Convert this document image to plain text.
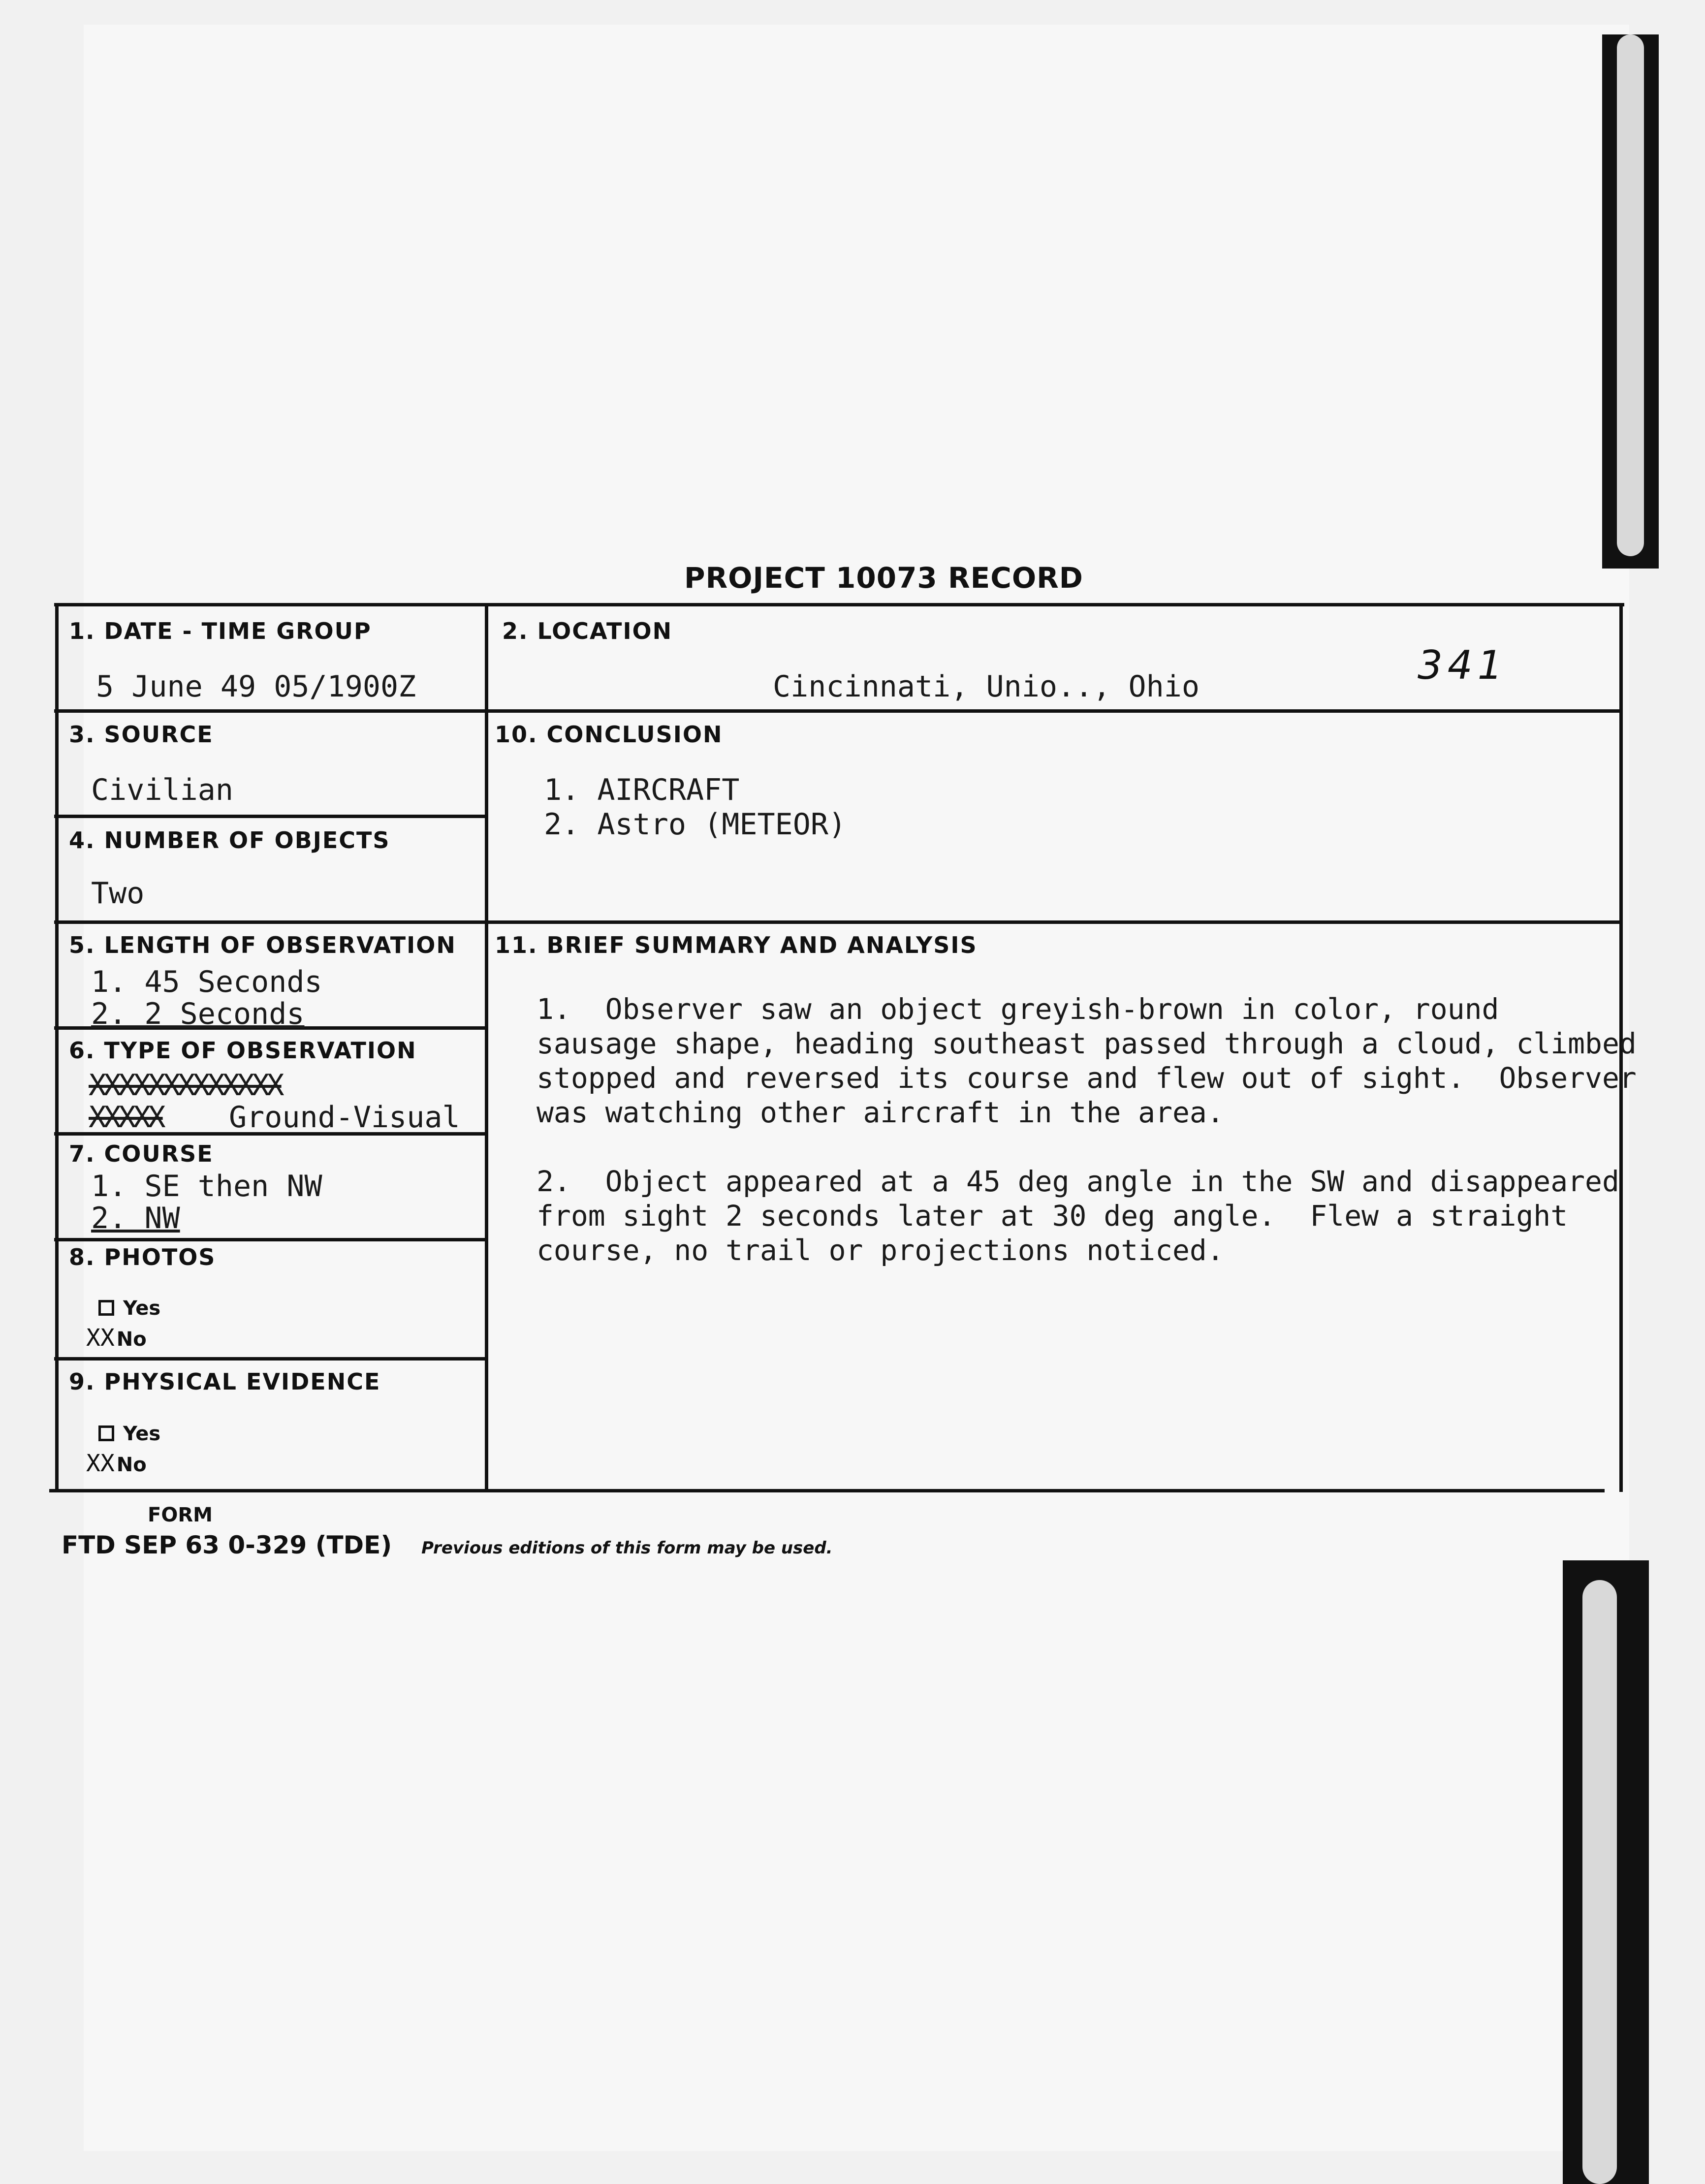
PROJECT 10073 RECORD
341
1. DATE - TIME GROUP
5 June 49 05/1900Z
2. LOCATION
Cincinnati, Unio.., Ohio
3. SOURCE
Civilian
4. NUMBER OF OBJECTS
Two
10. CONCLUSION
1. AIRCRAFT
2. Astro (METEOR)
5. LENGTH OF OBSERVATION
1. 45 Seconds
2. 2 Seconds
6. TYPE OF OBSERVATION
XXXXXXXXXXXXX
XXXXX Ground-Visual
7. COURSE
1. SE then NW
2. NW
8. PHOTOS
Yes
XX No
9. PHYSICAL EVIDENCE
Yes
XX No
11. BRIEF SUMMARY AND ANALYSIS

1.  Observer saw an object greyish-brown in color, round
sausage shape, heading southeast passed through a cloud, climbed
stopped and reversed its course and flew out of sight.  Observer
was watching other aircraft in the area.

2.  Object appeared at a 45 deg angle in the SW and disappeared
from sight 2 seconds later at 30 deg angle.  Flew a straight
course, no trail or projections noticed.

FORM
FTD SEP 63 0-329 (TDE) Previous editions of this form may be used.
